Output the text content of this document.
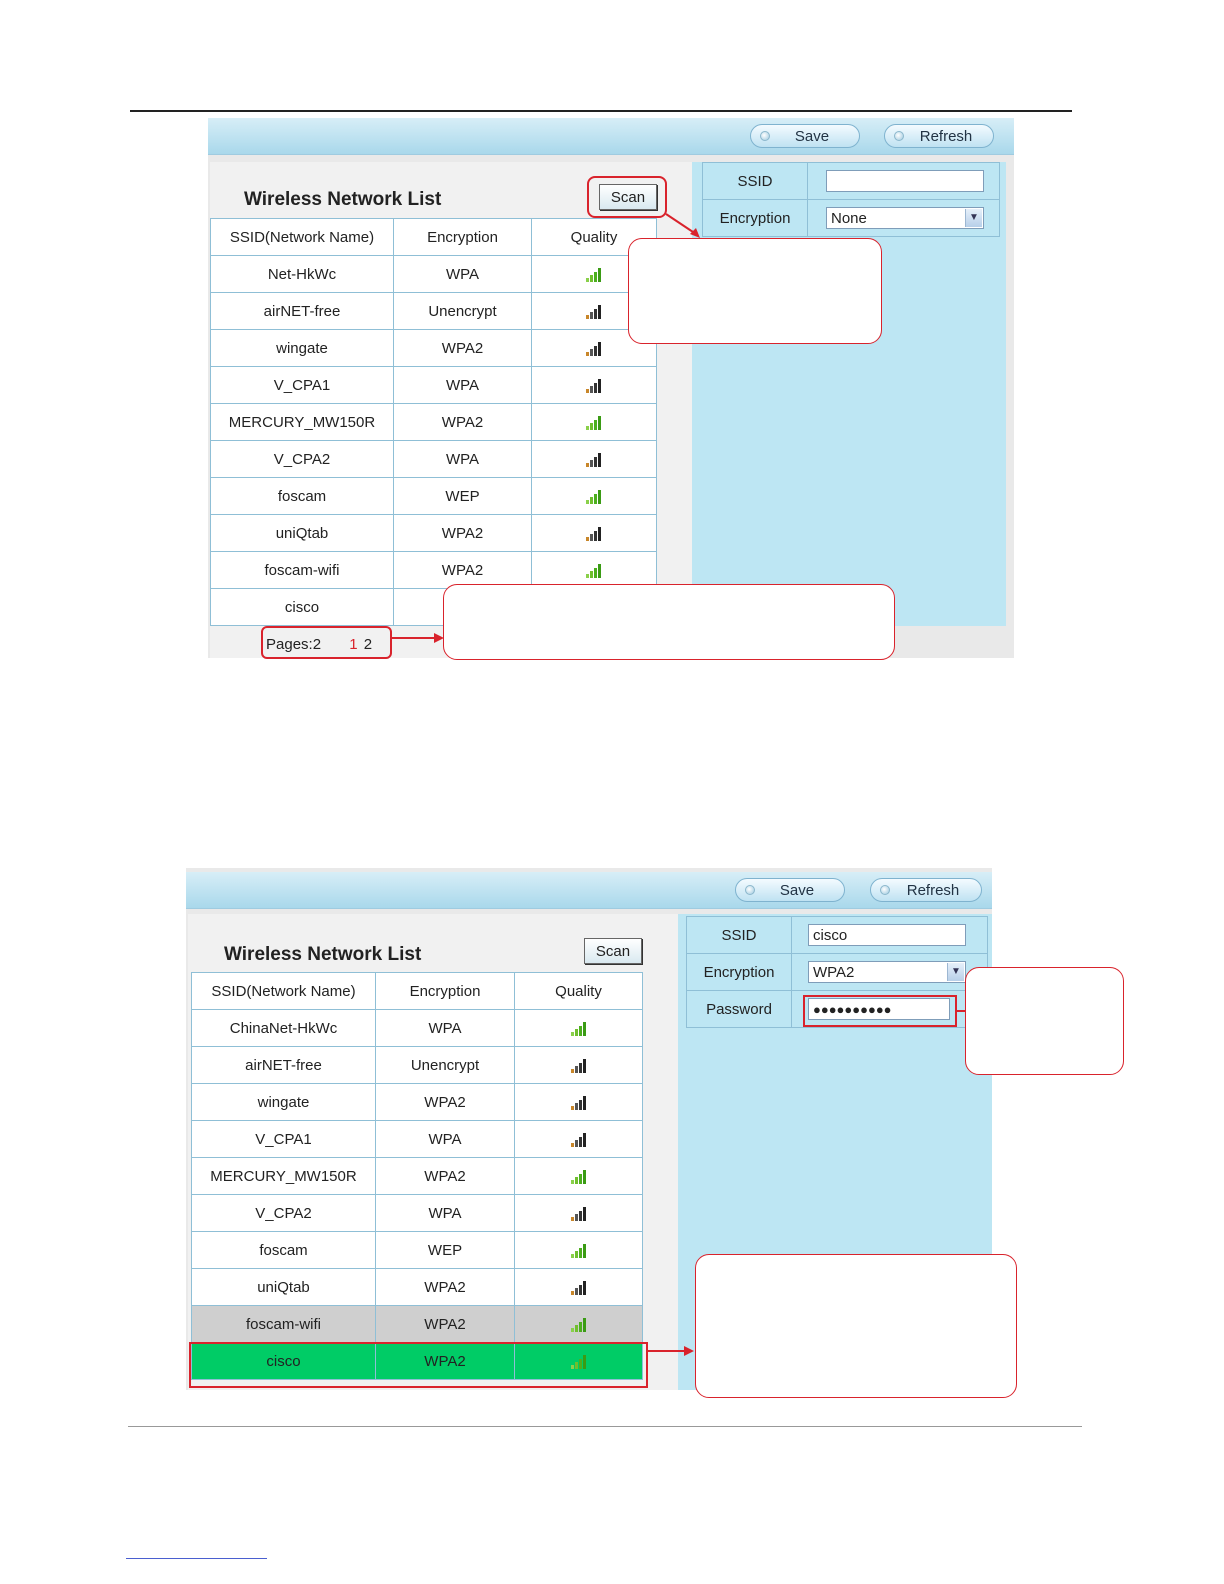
Save	Refresh
Wireless Network List	Scan
SSID(Network Name)	Encryption	Quality
Net-HkWc	WPA	

airNET-free	Unencrypt	

wingate	WPA2	

V_CPA1	WPA	

MERCURY_MW150R	WPA2	

V_CPA2	WPA	

foscam	WEP	

uniQtab	WPA2	

foscam-wifi	WPA2	

cisco		
Pages:2 1 2
SSID	

Encryption	None ▼
Save	Refresh
Wireless Network List	Scan
SSID(Network Name)	Encryption	Quality
ChinaNet-HkWc	WPA	

airNET-free	Unencrypt	

wingate	WPA2	

V_CPA1	WPA	

MERCURY_MW150R	WPA2	

V_CPA2	WPA	

foscam	WEP	

uniQtab	WPA2	

foscam-wifi	WPA2	

cisco	WPA2	
SSID	cisco

Encryption	WPA2 ▼

Password	●●●●●●●●●●
